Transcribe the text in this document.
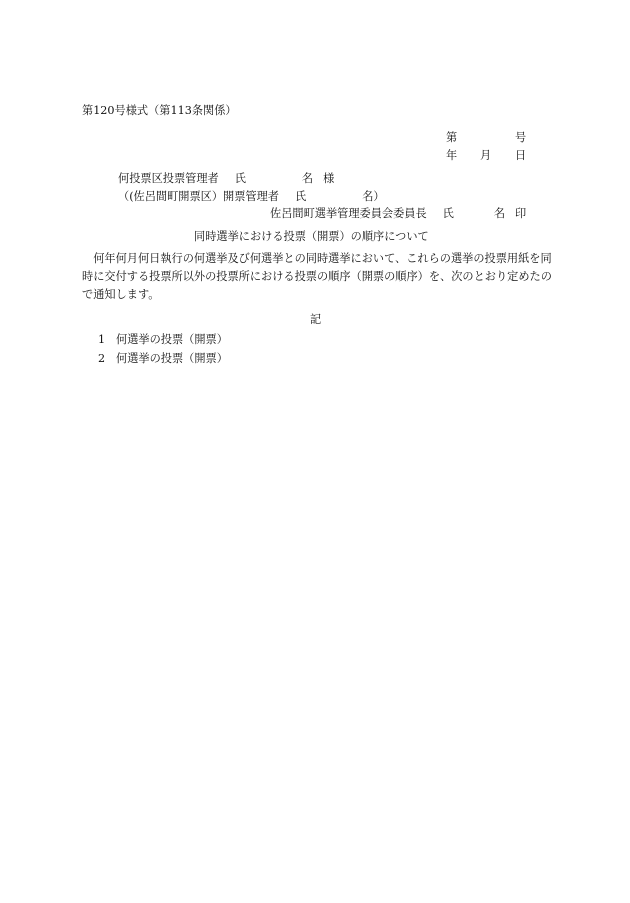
第120号様式（第113条関係）
第	号
年 月 日
何投票区投票管理者 氏	名 様
（(佐呂間町開票区）開票管理者 氏	名）
佐呂間町選挙管理委員会委員長 氏	名 印
同時選挙における投票（開票）の順序について
何年何月何日執行の何選挙及び何選挙との同時選挙において、これらの選挙の投票用紙を同時に交付する投票所以外の投票所における投票の順序（開票の順序）を、次のとおり定めたので通知します。
記
1 何選挙の投票（開票）
2 何選挙の投票（開票）
